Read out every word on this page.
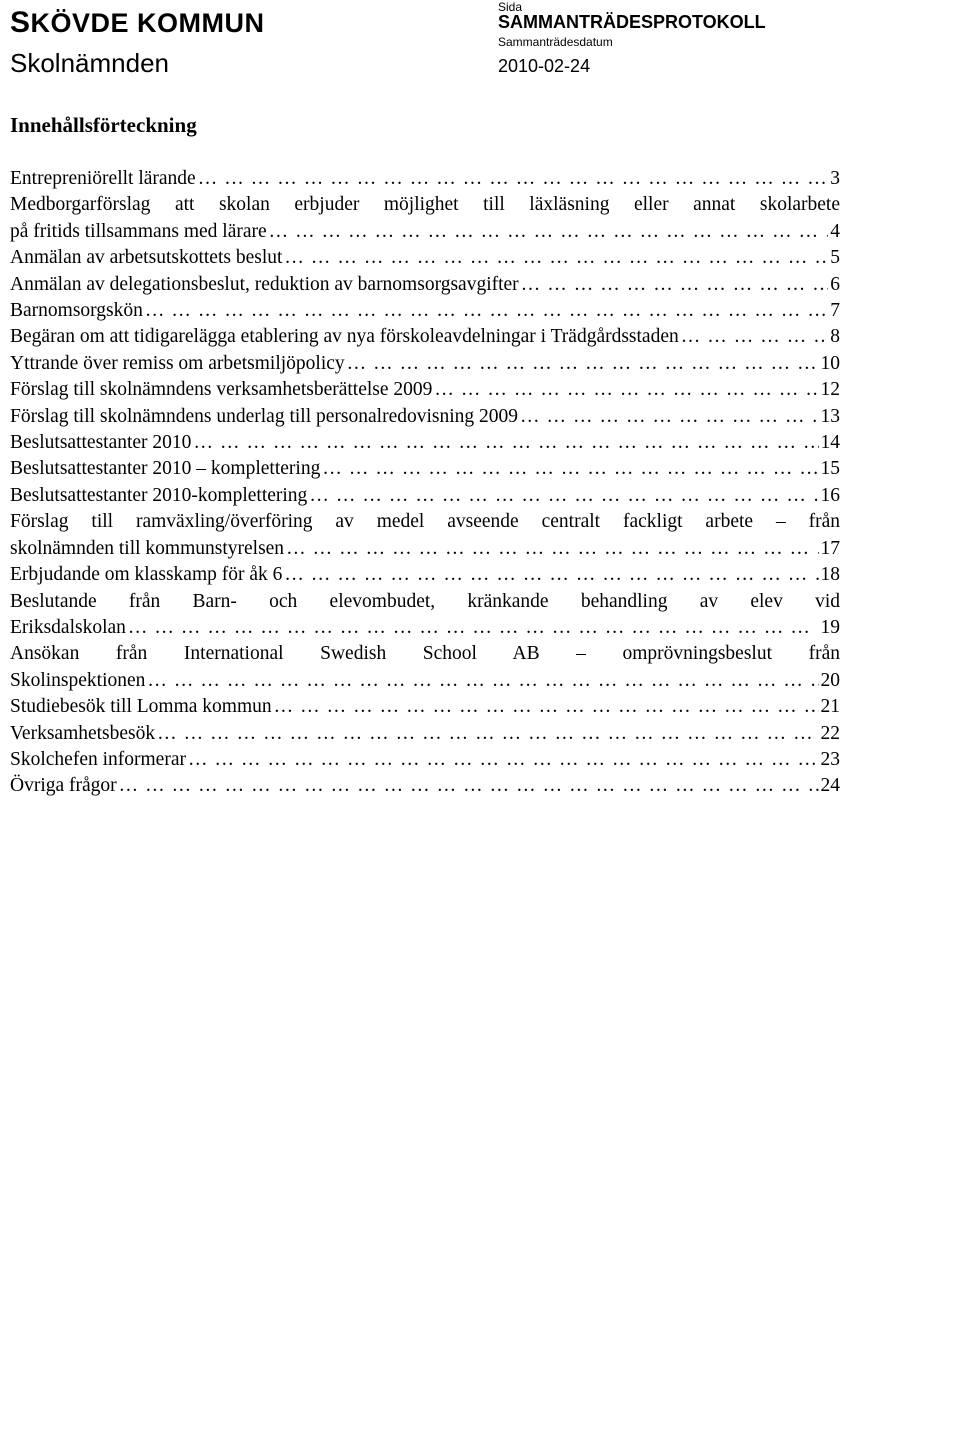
SKÖVDE KOMMUN
Skolnämnden
Sida
SAMMANTRÄDESPROTOKOLL
Sammanträdesdatum
2010-02-24
Innehållsförteckning
Entrepreniörellt lärande ………………………………………………………………………………………………………………………………………………………………	3
Medborgarförslag att skolan erbjuder möjlighet till läxläsning eller annat skolarbete
på fritids tillsammans med lärare ………………………………………………………………………………………………………………………………………………………………	4
Anmälan av arbetsutskottets beslut ………………………………………………………………………………………………………………………………………………………………	5
Anmälan av delegationsbeslut, reduktion av barnomsorgsavgifter ………………………………………………………………………………………………………………………………………………………………	6
Barnomsorgskön ………………………………………………………………………………………………………………………………………………………………	7
Begäran om att tidigarelägga etablering av nya förskoleavdelningar i Trädgårdsstaden ………………………………………………………………………………………………………………………………………………………………	8
Yttrande över remiss om arbetsmiljöpolicy ………………………………………………………………………………………………………………………………………………………………	10
Förslag till skolnämndens verksamhetsberättelse 2009 ………………………………………………………………………………………………………………………………………………………………	12
Förslag till skolnämndens underlag till personalredovisning 2009 ………………………………………………………………………………………………………………………………………………………………	13
Beslutsattestanter 2010 ………………………………………………………………………………………………………………………………………………………………	14
Beslutsattestanter 2010 – komplettering ………………………………………………………………………………………………………………………………………………………………	15
Beslutsattestanter 2010-komplettering ………………………………………………………………………………………………………………………………………………………………	16
Förslag till ramväxling/överföring av medel avseende centralt fackligt arbete – från
skolnämnden till kommunstyrelsen ………………………………………………………………………………………………………………………………………………………………	17
Erbjudande om klasskamp för åk 6 ………………………………………………………………………………………………………………………………………………………………	18
Beslutande från Barn- och elevombudet, kränkande behandling av elev vid
Eriksdalskolan ………………………………………………………………………………………………………………………………………………………………	19
Ansökan från International Swedish School AB – omprövningsbeslut från
Skolinspektionen ………………………………………………………………………………………………………………………………………………………………	20
Studiebesök till Lomma kommun ………………………………………………………………………………………………………………………………………………………………	21
Verksamhetsbesök ………………………………………………………………………………………………………………………………………………………………	22
Skolchefen informerar ………………………………………………………………………………………………………………………………………………………………	23
Övriga frågor ………………………………………………………………………………………………………………………………………………………………	24
